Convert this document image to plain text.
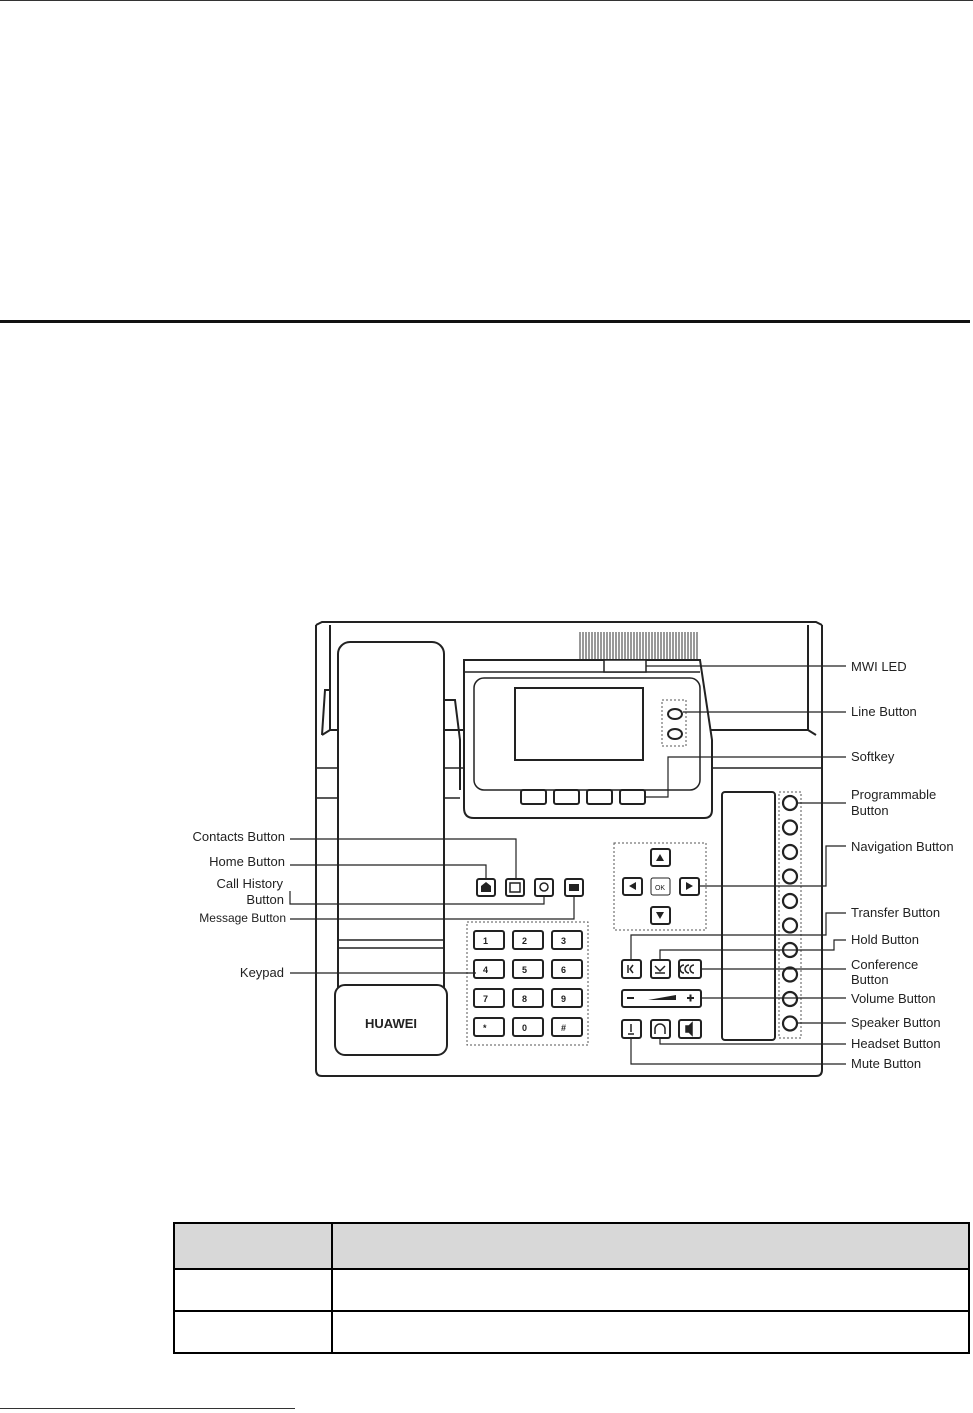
HUAWEI
1	2	3
4	5	6
7	8	9
*	0	#
OK
MWI LED
Line Button
Softkey
Programmable
Button
Navigation Button
Transfer Button
Hold Button
Conference
Button
Volume Button
Speaker Button
Headset Button
Mute Button
Contacts Button
Home Button
Call History
Button
Message Button
Keypad
